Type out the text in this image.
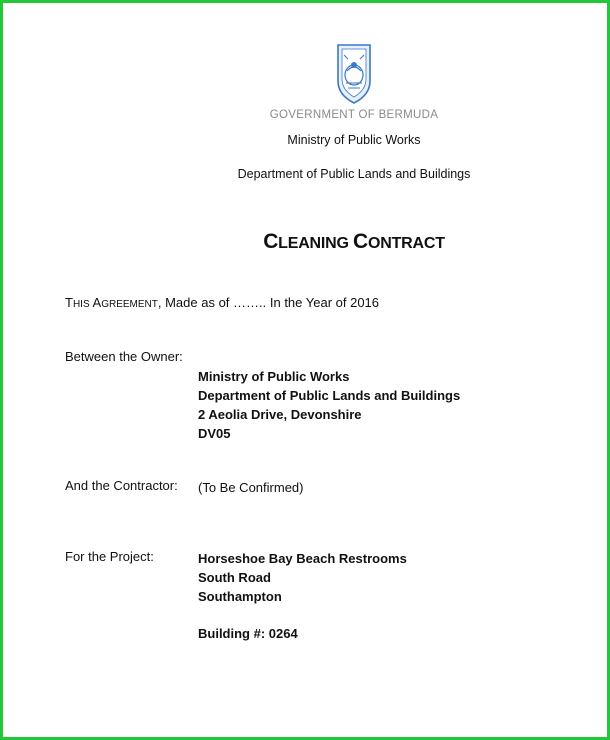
GOVERNMENT OF BERMUDA
Ministry of Public Works
Department of Public Lands and Buildings
CLEANING CONTRACT
THIS AGREEMENT, Made as of …….. In the Year of 2016
Between the Owner:
Ministry of Public Works
Department of Public Lands and Buildings
2 Aeolia Drive, Devonshire
DV05
And the Contractor: (To Be Confirmed)
For the Project:	Horseshoe Bay Beach Restrooms
South Road
Southampton
Building #: 0264
